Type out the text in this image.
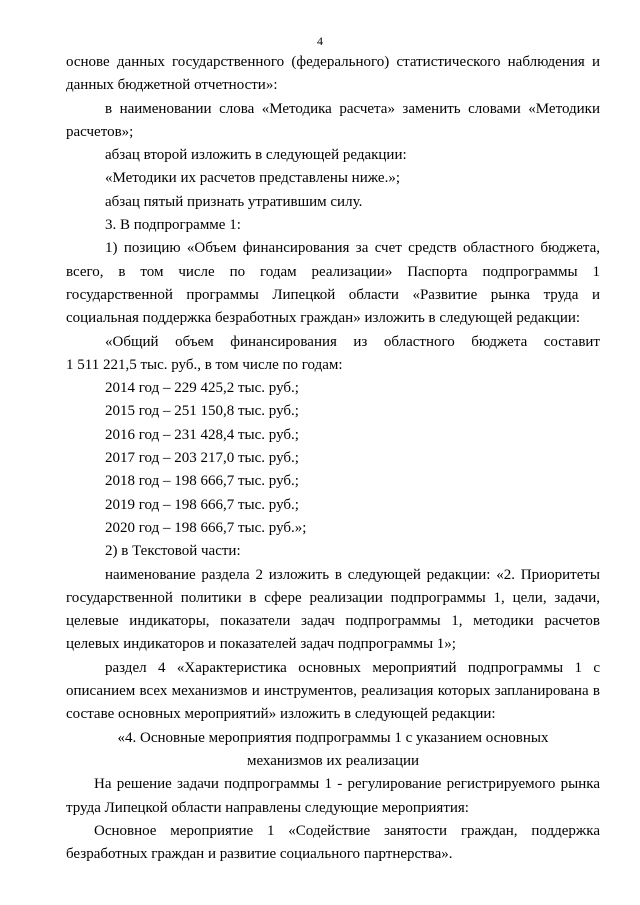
4

основе данных государственного (федерального) статистического наблюдения и данных бюджетной отчетности»:

в наименовании слова «Методика расчета» заменить словами «Методики расчетов»;

абзац второй изложить в следующей редакции:

«Методики их расчетов представлены ниже.»;

абзац пятый признать утратившим силу.

3. В подпрограмме 1:

1) позицию «Объем финансирования за счет средств областного бюджета, всего, в том числе по годам реализации» Паспорта подпрограммы 1 государственной программы Липецкой области «Развитие рынка труда и социальная поддержка безработных граждан» изложить в следующей редакции:

«Общий объем финансирования из областного бюджета составит

1 511 221,5 тыс. руб., в том числе по годам:

2014 год – 229 425,2 тыс. руб.;

2015 год – 251 150,8 тыс. руб.;

2016 год – 231 428,4 тыс. руб.;

2017 год – 203 217,0 тыс. руб.;

2018 год – 198 666,7 тыс. руб.;

2019 год – 198 666,7 тыс. руб.;

2020 год – 198 666,7 тыс. руб.»;

2) в Текстовой части:

наименование раздела 2 изложить в следующей редакции: «2. Приоритеты государственной политики в сфере реализации подпрограммы 1, цели, задачи, целевые индикаторы, показатели задач подпрограммы 1, методики расчетов целевых индикаторов и показателей задач подпрограммы 1»;

раздел 4 «Характеристика основных мероприятий подпрограммы 1 с описанием всех механизмов и инструментов, реализация которых запланирована в составе основных мероприятий» изложить в следующей редакции:

«4. Основные мероприятия подпрограммы 1 с указанием основных

механизмов их реализации

На решение задачи подпрограммы 1 - регулирование регистрируемого рынка труда Липецкой области направлены следующие мероприятия:

Основное мероприятие 1 «Содействие занятости граждан, поддержка безработных граждан и развитие социального партнерства».
